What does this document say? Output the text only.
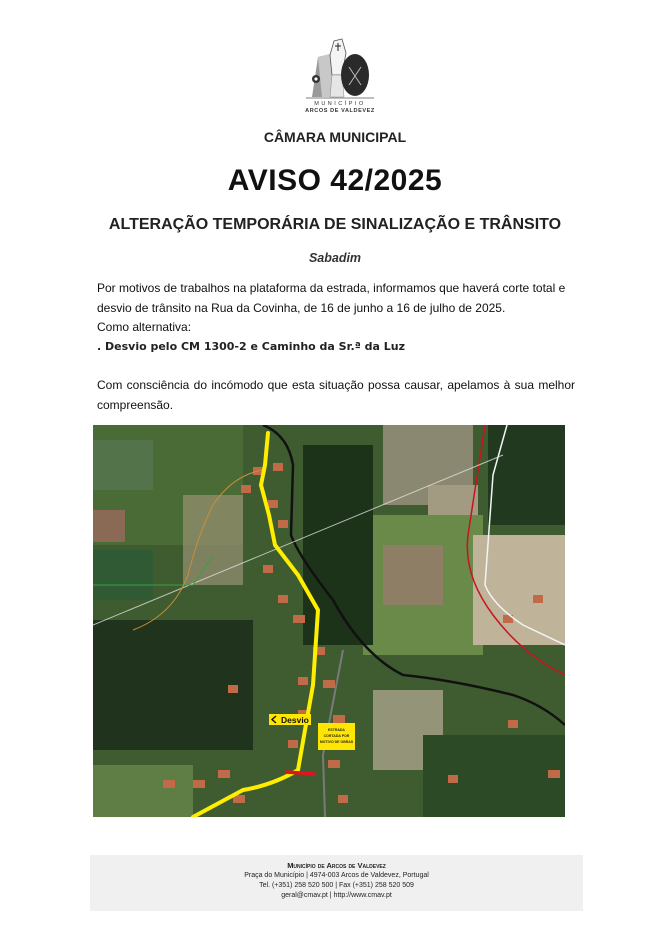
MUNICÍPIO
ARCOS DE VALDEVEZ
CÂMARA MUNICIPAL
AVISO 42/2025
ALTERAÇÃO TEMPORÁRIA DE SINALIZAÇÃO E TRÂNSITO
Sabadim
Por motivos de trabalhos na plataforma da estrada, informamos que haverá corte total e desvio de trânsito na Rua da Covinha, de 16 de junho a 16 de julho de 2025.
Como alternativa:
. Desvio pelo CM 1300-2 e Caminho da Sr.ª da Luz
Com consciência do incómodo que esta situação possa causar, apelamos à sua melhor compreensão.
Desvio
ESTRADA
CORTADA POR
MOTIVO DE OBRAS
Município de Arcos de Valdevez
Praça do Município | 4974-003 Arcos de Valdevez, Portugal
Tel. (+351) 258 520 500 | Fax (+351) 258 520 509
geral@cmav.pt | http://www.cmav.pt
